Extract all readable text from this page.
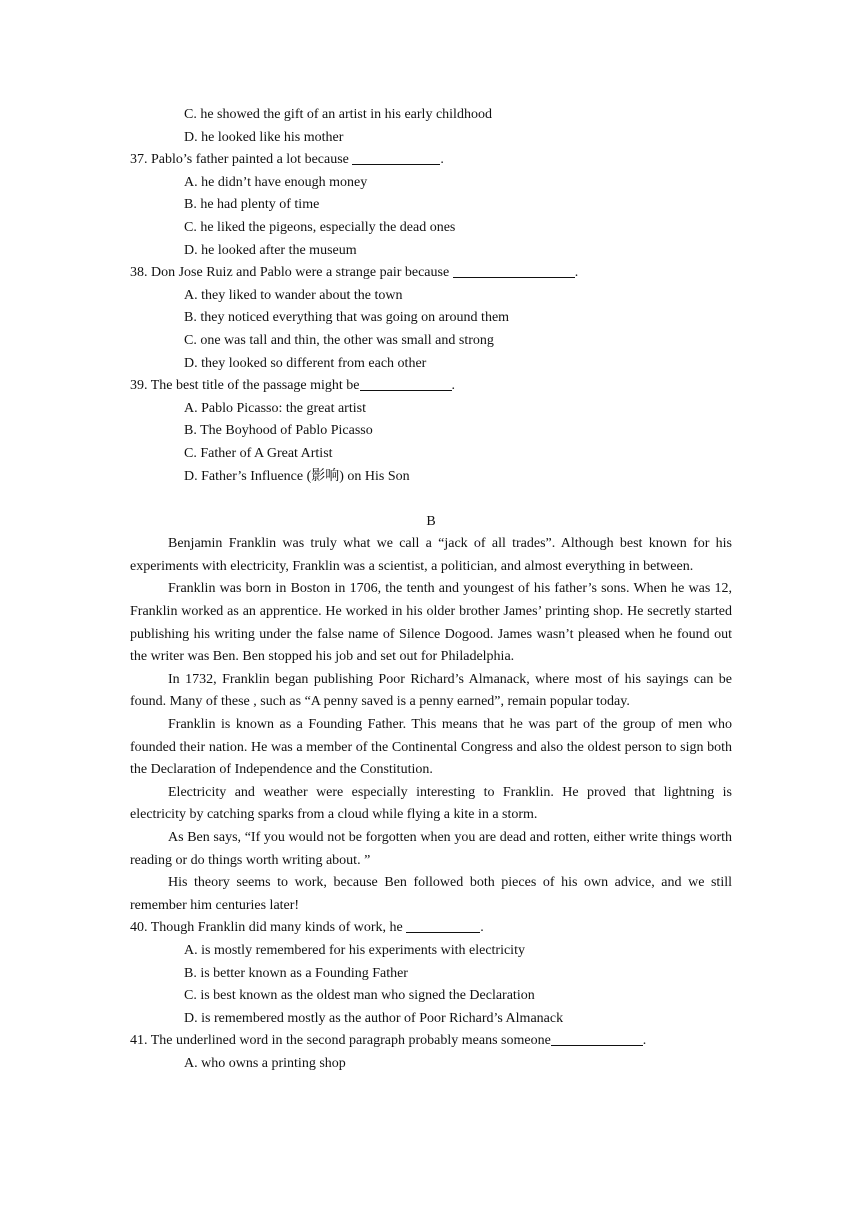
C. he showed the gift of an artist in his early childhood
D. he looked like his mother
37. Pablo’s father painted a lot because	.
A. he didn’t have enough money
B. he had plenty of time
C. he liked the pigeons, especially the dead ones
D. he looked after the museum
38. Don Jose Ruiz and Pablo were a strange pair because	.
A. they liked to wander about the town
B. they noticed everything that was going on around them
C. one was tall and thin, the other was small and strong
D. they looked so different from each other
39. The best title of the passage might be	.
A. Pablo Picasso: the great artist
B. The Boyhood of Pablo Picasso
C. Father of A Great Artist
D. Father’s Influence (影响) on His Son
B

Benjamin Franklin was truly what we call a “jack of all trades”. Although best known for his experiments with electricity, Franklin was a scientist, a politician, and almost everything in between.

Franklin was born in Boston in 1706, the tenth and youngest of his father’s sons. When he was 12, Franklin worked as an apprentice. He worked in his older brother James’ printing shop. He secretly started publishing his writing under the false name of Silence Dogood. James wasn’t pleased when he found out the writer was Ben. Ben stopped his job and set out for Philadelphia.

In 1732, Franklin began publishing Poor Richard’s Almanack, where most of his sayings can be found. Many of these , such as “A penny saved is a penny earned”, remain popular today.

Franklin is known as a Founding Father. This means that he was part of the group of men who founded their nation. He was a member of the Continental Congress and also the oldest person to sign both the Declaration of Independence and the Constitution.

Electricity and weather were especially interesting to Franklin. He proved that lightning is electricity by catching sparks from a cloud while flying a kite in a storm.

As Ben says, “If you would not be forgotten when you are dead and rotten, either write things worth reading or do things worth writing about. ”

His theory seems to work, because Ben followed both pieces of his own advice, and we still remember him centuries later!

40. Though Franklin did many kinds of work, he	.
A. is mostly remembered for his experiments with electricity
B. is better known as a Founding Father
C. is best known as the oldest man who signed the Declaration
D. is remembered mostly as the author of Poor Richard’s Almanack
41. The underlined word in the second paragraph probably means someone	.
A. who owns a printing shop
